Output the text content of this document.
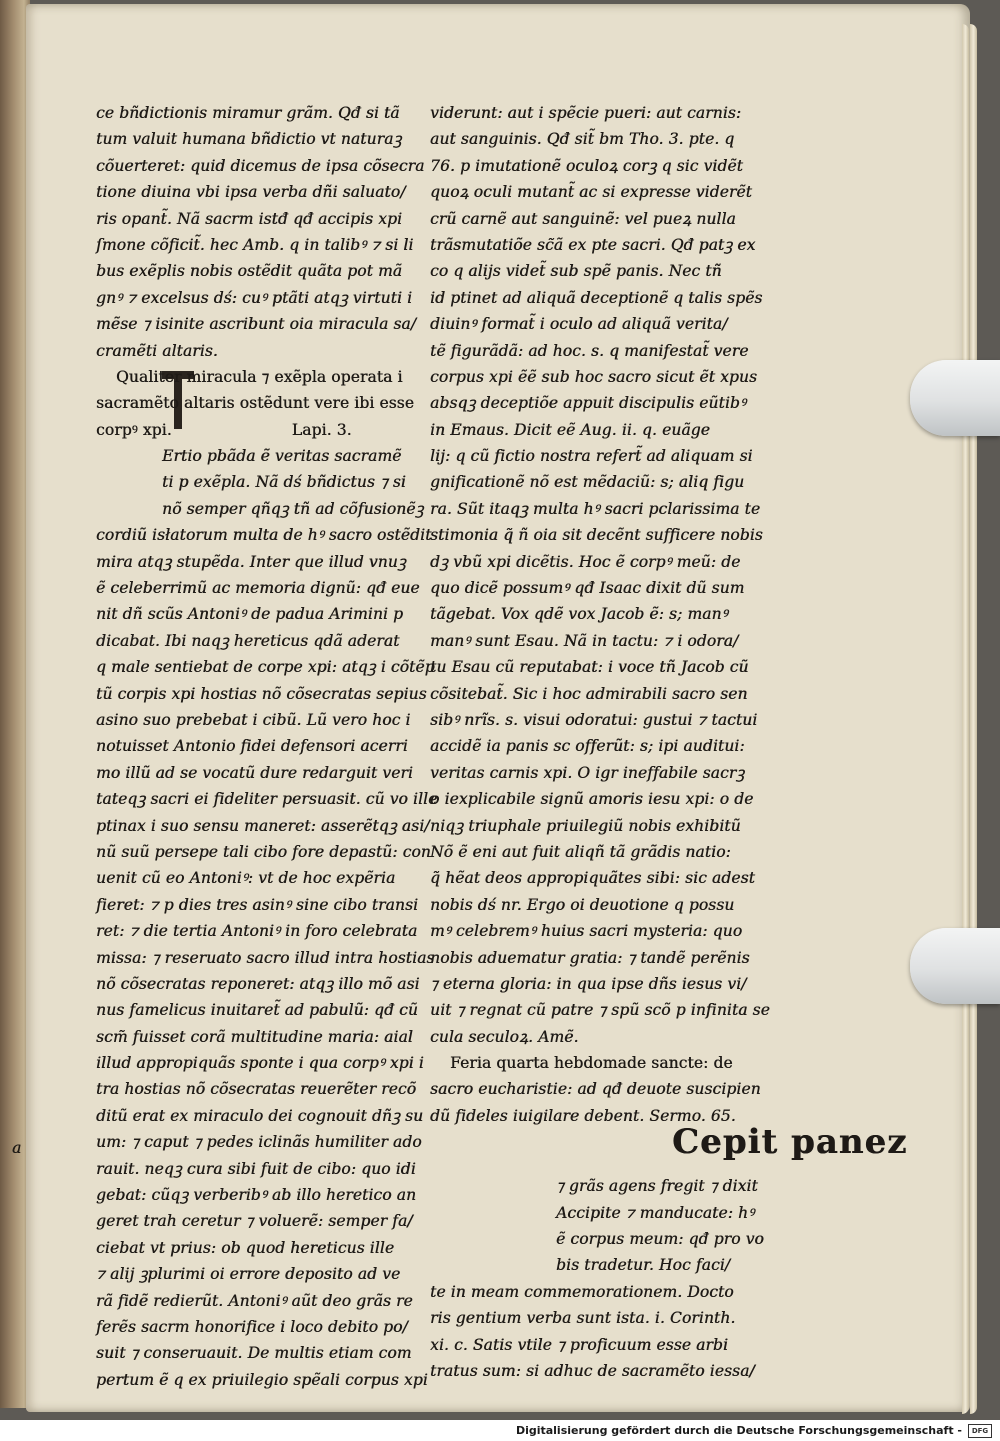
ce bñdictionis miramur grãm. Qđ si tã
tum valuit humana bñdictio vt naturaꝫ
cõuerteret: quid dicemus de ipsa cõsecra
tione diuina vbi ipsa verba dñi saluato/
ris opant̃. Nã sacrm istđ qđ accipis xpi
ſmone cõficit̃. hec Amb. q in talibꝰ ⁊ si li
bus exẽplis nobis ostẽdit quãta pot mã
gnꝰ ⁊ excelsus dś: cuꝰ ptãti atqꝫ virtuti i
mẽse ⁊ isinite ascribunt oia miracula sa/
cramẽti altaris.
Qualiter miracula ⁊ exẽpla operata i
sacramẽto altaris ostẽdunt vere ibi esse
corpꝰ xpi.	Lapi. 3.
Ertio pbãda ẽ veritas sacramẽ
ti p exẽpla. Nã dś bñdictus ⁊ si
nõ semper qñqꝫ tñ ad cõfusionẽꝫ
cordiũ isłatorum multa de hꝰ sacro ostẽdit
mira atqꝫ stupẽda. Inter que illud vnuꝫ
ẽ celeberrimũ ac memoria dignũ: qđ eue
nit dñ scũs Antoniꝰ de padua Arimini p
dicabat. Ibi naqꝫ hereticus qdã aderat
q male sentiebat de corpe xpi: atqꝫ i cõtẽp
tũ corpis xpi hostias nõ cõsecratas sepius
asino suo prebebat i cibũ. Lũ vero hoc i
notuisset Antonio fidei defensori acerri
mo illũ ad se vocatũ dure redarguit veri
tateqꝫ sacri ei fideliter persuasit. cũ vo ille
ptinax i suo sensu maneret: asserẽtqꝫ asi/
nũ suũ persepe tali cibo fore depastũ: con
uenit cũ eo Antoniꝰ: vt de hoc expẽria
fieret: ⁊ p dies tres asinꝰ sine cibo transi
ret: ⁊ die tertia Antoniꝰ in foro celebrata
missa: ⁊ reseruato sacro illud intra hostias
nõ cõsecratas reponeret: atqꝫ illo mõ asi
nus famelicus inuitaret̃ ad pabulũ: qđ cũ
scm̃ fuisset corã multitudine maria: aial
illud appropiquãs sponte i qua corpꝰ xpi i
tra hostias nõ cõsecratas reuerẽter recõ
ditũ erat ex miraculo dei cognouit dñꝫ su
um: ⁊ caput ⁊ pedes iclinãs humiliter ado
rauit. neqꝫ cura sibi fuit de cibo: quo idi
gebat: cũqꝫ verberibꝰ ab illo heretico an
geret trah ceretur ⁊ voluerẽ: semper fa/
ciebat vt prius: ob quod hereticus ille
⁊ alij ꝫplurimi oi errore deposito ad ve
rã fidẽ redierũt. Antoniꝰ aũt deo grãs re
ferẽs sacrm honorifice i loco debito po/
suit ⁊ conseruauit. De multis etiam com
pertum ẽ q ex priuilegio spẽali corpus xpi
viderunt: aut i spẽcie pueri: aut carnis:
aut sanguinis. Qđ sit̃ bm Tho. 3. pte. q
76. p imutationẽ oculoꝝ corꝫ q sic vidẽt
quoꝝ oculi mutant̃ ac si expresse viderẽt
crũ carnẽ aut sanguinẽ: vel pueꝝ nulla
trãsmutatiõe sc̃ã ex pte sacri. Qđ patꝫ ex
co q alijs videt̃ sub spẽ panis. Nec tñ
id ptinet ad aliquã deceptionẽ q talis spẽs
diuinꝰ format̃ i oculo ad aliquã verita/
tẽ figurãdã: ad hoc. s. q manifestat̃ vere
corpus xpi ẽẽ sub hoc sacro sicut ẽt xpus
absqꝫ deceptiõe appuit discipulis eũtibꝰ
in Emaus. Dicit eẽ Aug. ii. q. euãge
lij: q cũ fictio nostra refert̃ ad aliquam si
gnificationẽ nõ est mẽdaciũ: s; aliq figu
ra. Sũt itaqꝫ multa hꝰ sacri pclarissima te
stimonia q̃ ñ oia sit decẽnt sufficere nobis
dꝫ vbũ xpi dicẽtis. Hoc ẽ corpꝰ meũ: de
quo dicẽ possumꝰ qđ Isaac dixit dũ sum
tãgebat. Vox qdẽ vox Jacob ẽ: s; manꝰ
manꝰ sunt Esau. Nã in tactu: ⁊ i odora/
tu Esau cũ reputabat: i voce tñ Jacob cũ
cõsitebat̃. Sic i hoc admirabili sacro sen
sibꝰ nrĩs. s. visui odoratui: gustui ⁊ tactui
accidẽ ia panis sc offerũt: s; ipi auditui:
veritas carnis xpi. O igr ineffabile sacrꝫ
o iexplicabile signũ amoris iesu xpi: o de
niqꝫ triuphale priuilegiũ nobis exhibitũ
Nõ ẽ eni aut fuit aliqñ tã grãdis natio:
q̃ hẽat deos appropiquãtes sibi: sic adest
nobis dś nr. Ergo oi deuotione q possu
mꝰ celebremꝰ huius sacri mysteria: quo
nobis aduematur gratia: ⁊ tandẽ perẽnis
⁊ eterna gloria: in qua ipse dñs iesus vi/
uit ⁊ regnat cũ patre ⁊ spũ scõ p infinita se
cula seculoꝝ. Amẽ.
Feria quarta hebdomade sancte: de
sacro eucharistie: ad qđ deuote suscipien
dũ fideles iuigilare debent. Sermo. 65.
a	Cepit panez
⁊ grãs agens fregit ⁊ dixit
Accipite ⁊ manducate: hꝰ
ẽ corpus meum: qđ pro vo
bis tradetur. Hoc faci/
te in meam commemorationem. Docto
ris gentium verba sunt ista. i. Corinth.
xi. c. Satis vtile ⁊ proficuum esse arbi
tratus sum: si adhuc de sacramẽto iessa/
Digitalisierung gefördert durch die Deutsche Forschungsgemeinschaft -	DFG
